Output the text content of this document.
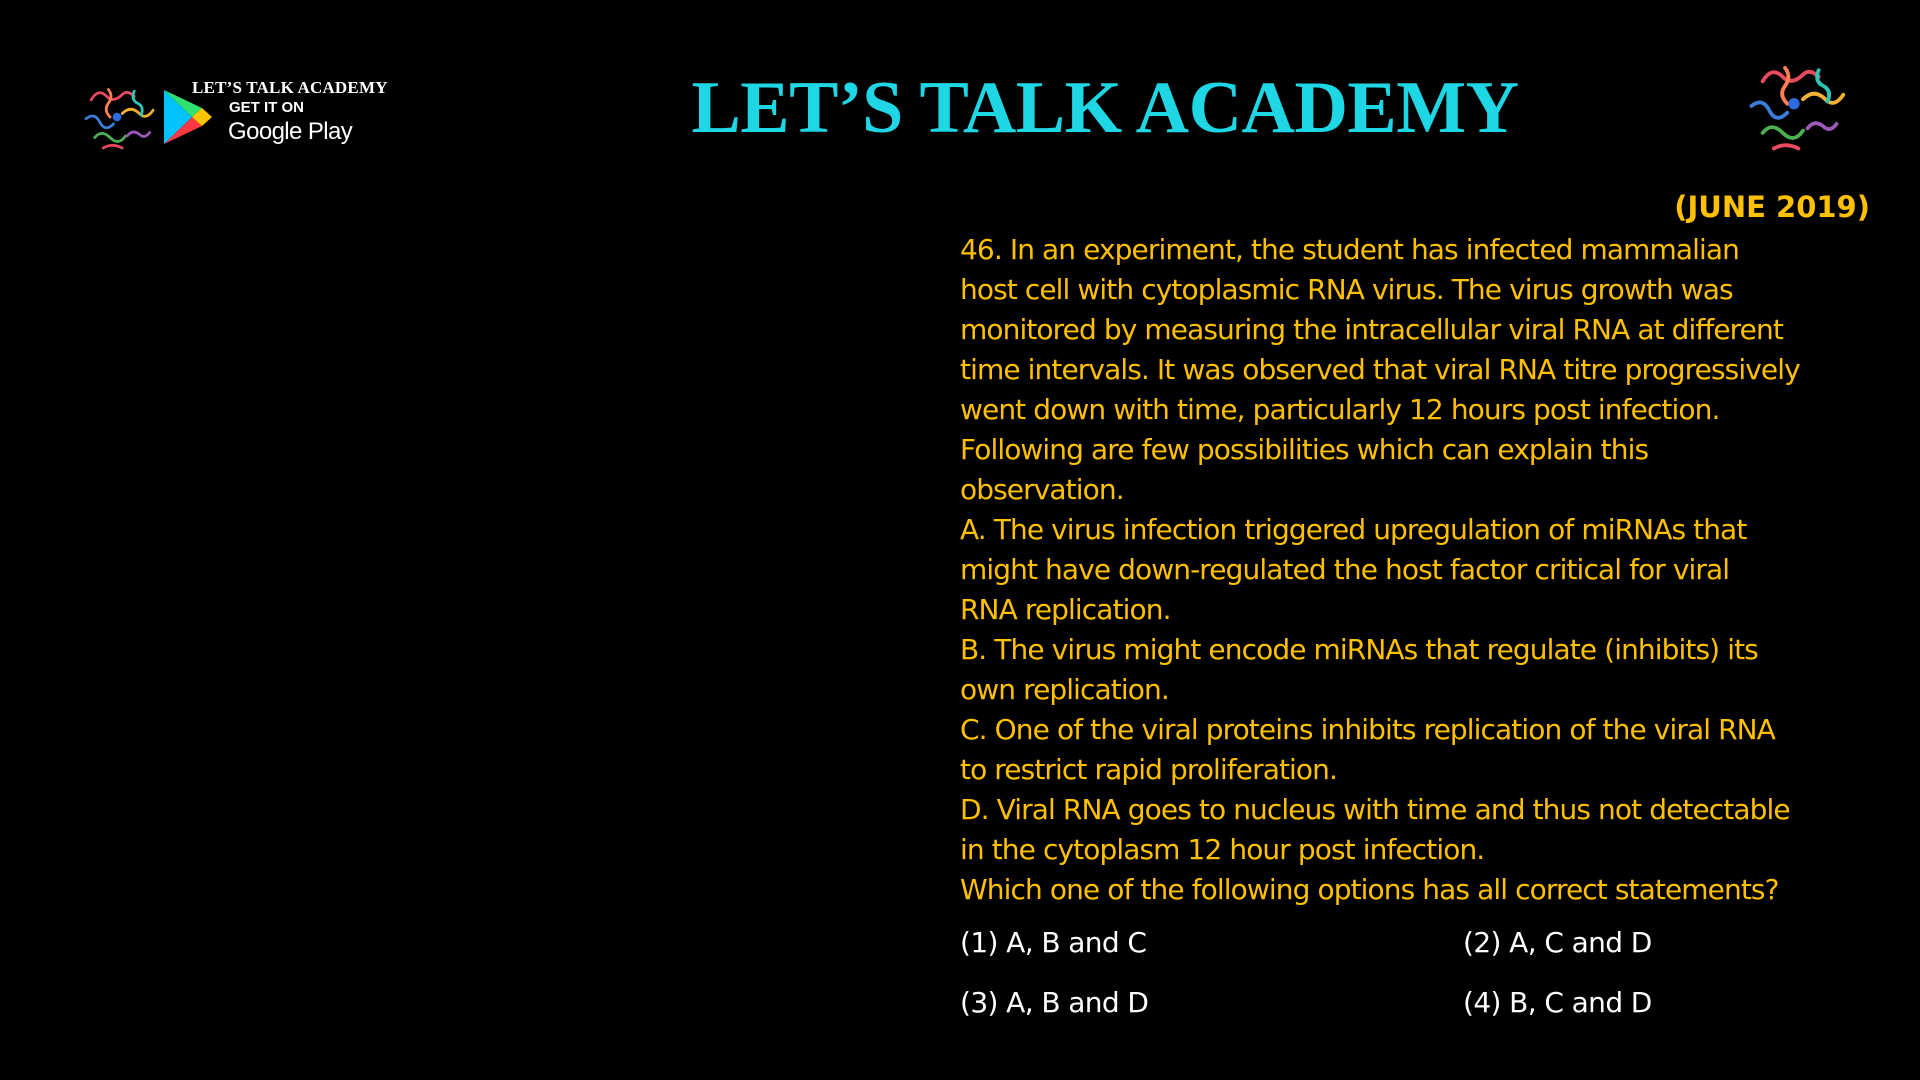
LET’S TALK ACADEMY
GET IT ON
Google Play	LET’S TALK ACADEMY
(JUNE 2019)

46. In an experiment, the student has infected mammalian

host cell with cytoplasmic RNA virus. The virus growth was

monitored by measuring the intracellular viral RNA at different

time intervals. It was observed that viral RNA titre progressively

went down with time, particularly 12 hours post infection.

Following are few possibilities which can explain this

observation.

A. The virus infection triggered upregulation of miRNAs that

might have down-regulated the host factor critical for viral

RNA replication.

B. The virus might encode miRNAs that regulate (inhibits) its

own replication.

C. One of the viral proteins inhibits replication of the viral RNA

to restrict rapid proliferation.

D. Viral RNA goes to nucleus with time and thus not detectable

in the cytoplasm 12 hour post infection.

Which one of the following options has all correct statements?

(1) A, B and C	(2) A, C and D
(3) A, B and D	(4) B, C and D
